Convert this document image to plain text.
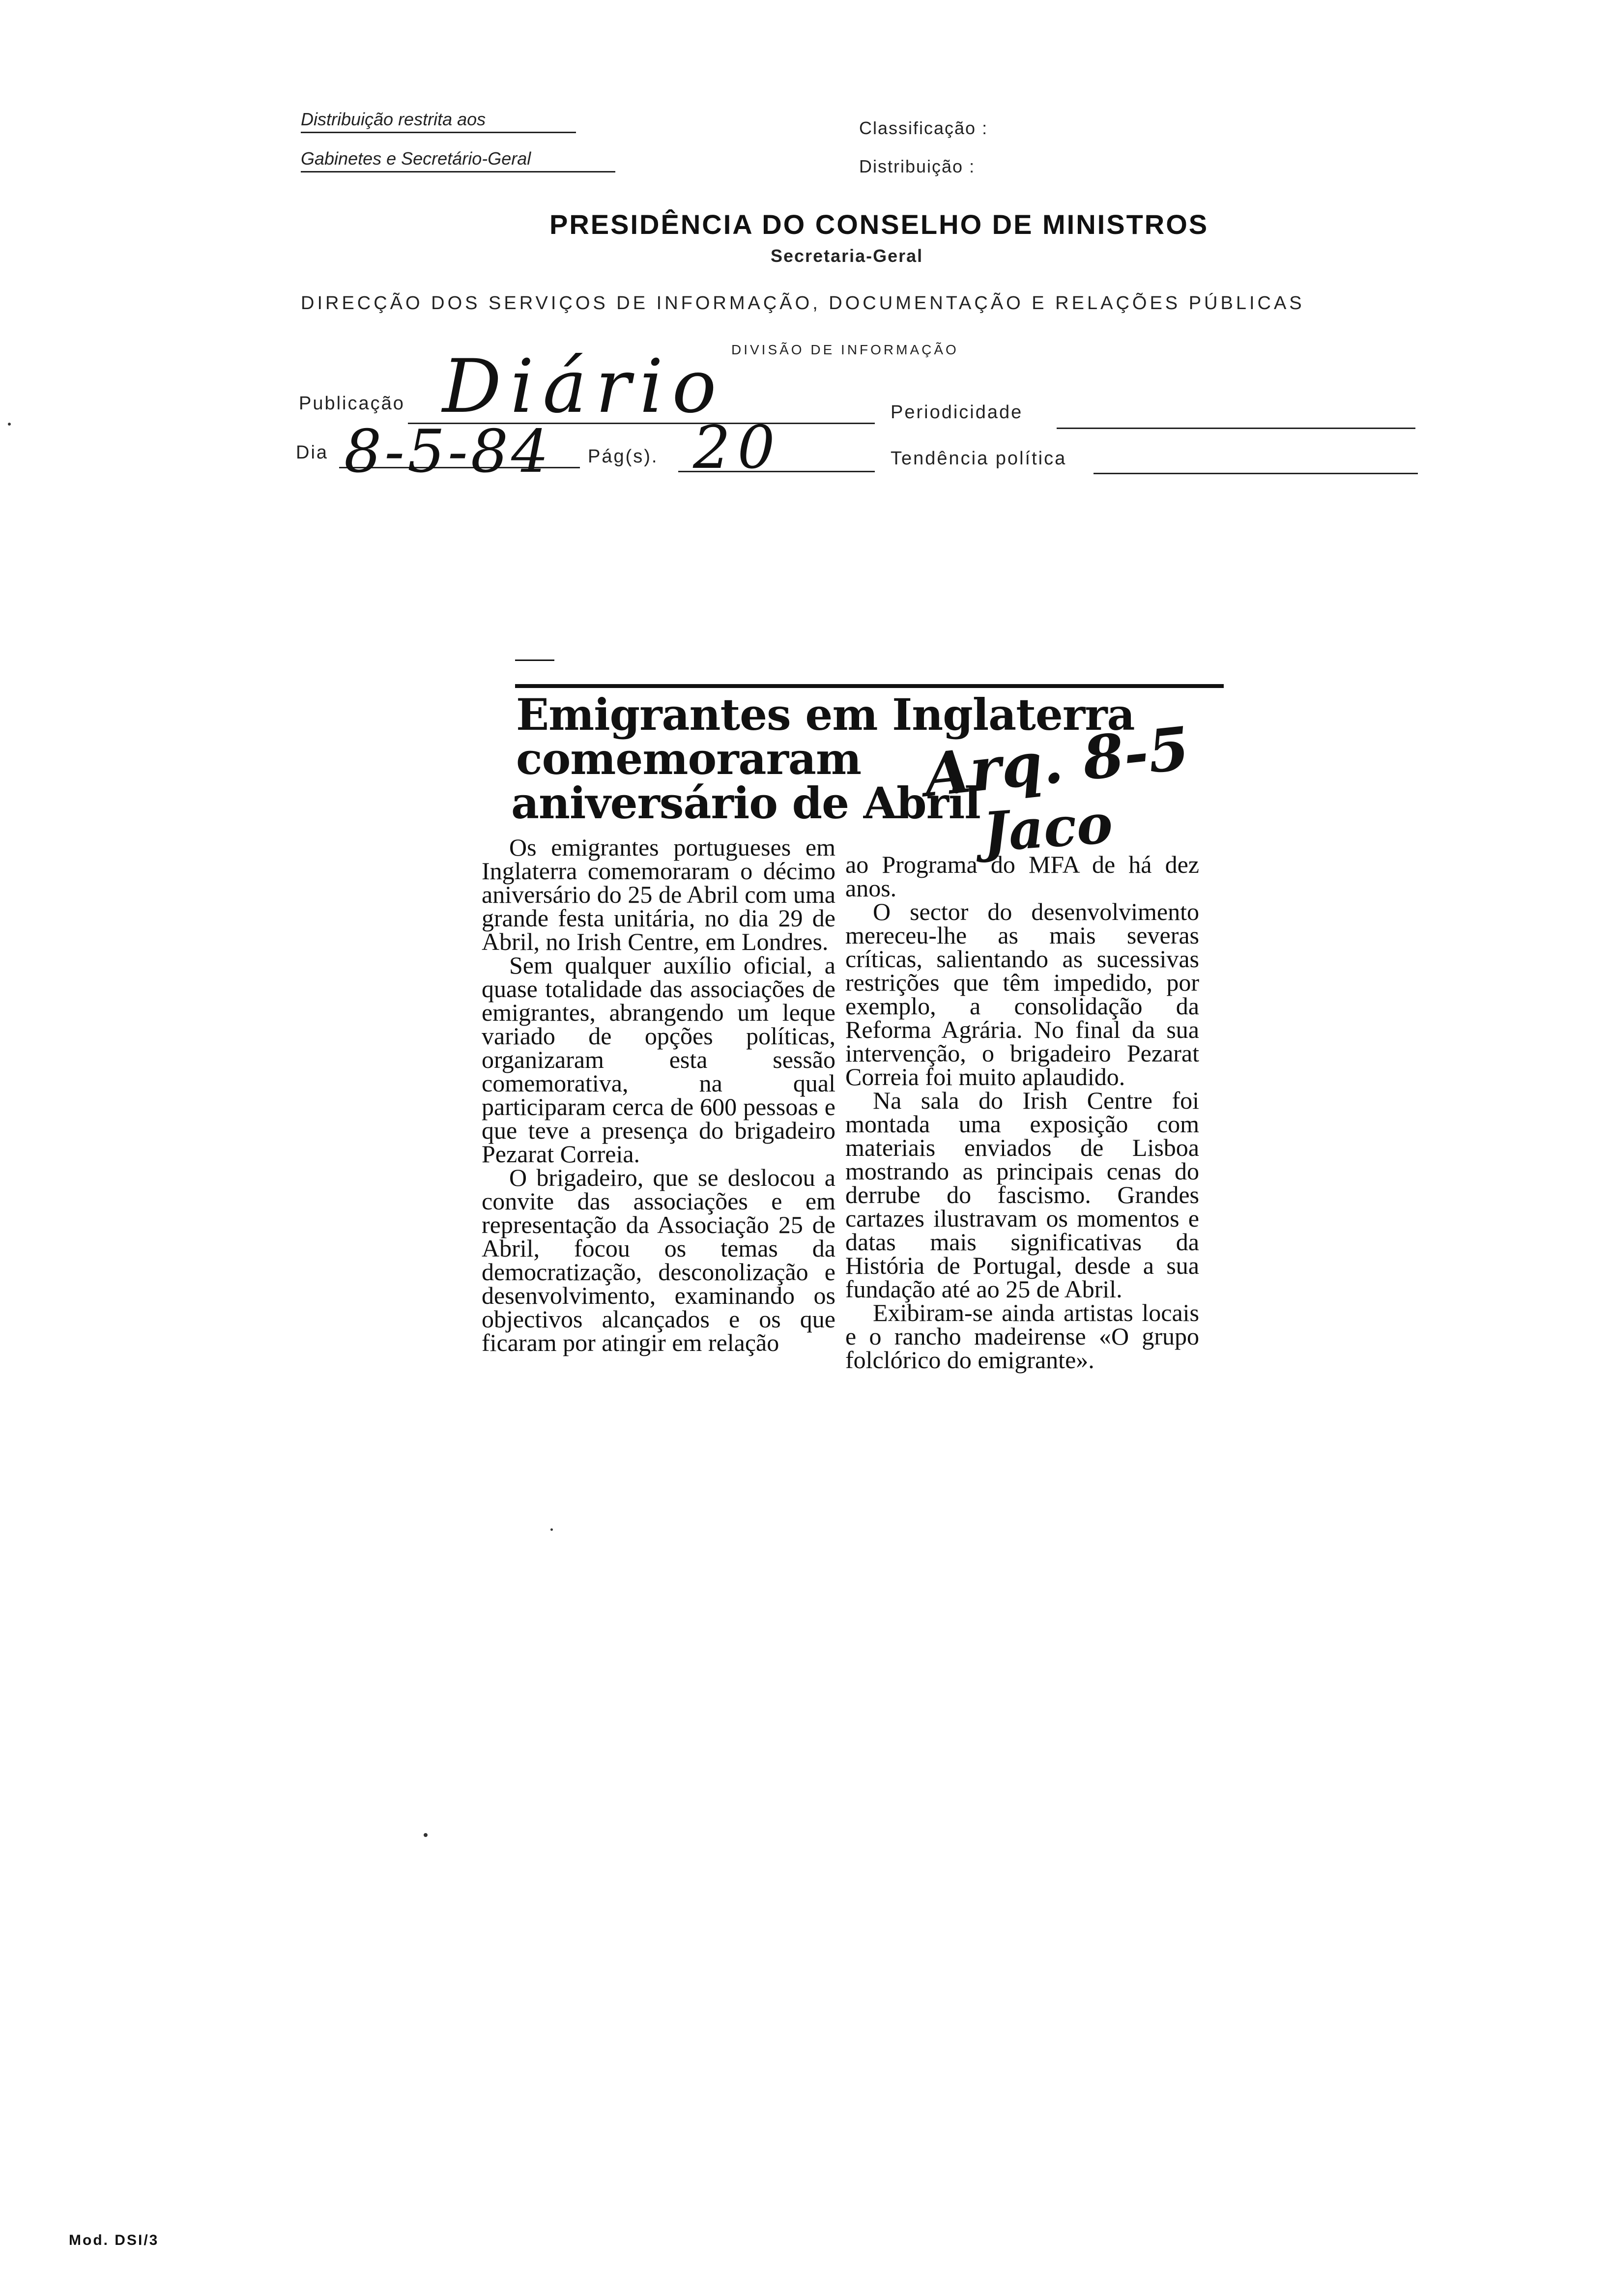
Distribuição restrita aos
Gabinetes e Secretário-Geral
Classificação :
Distribuição :
PRESIDÊNCIA DO CONSELHO DE MINISTROS
Secretaria-Geral
DIRECÇÃO DOS SERVIÇOS DE INFORMAÇÃO, DOCUMENTAÇÃO E RELAÇÕES PÚBLICAS
DIVISÃO DE INFORMAÇÃO
Publicação Diário	Periodicidade
Dia 8-5-84 Pág(s). 20	Tendência política
Emigrantes em Inglaterra
comemoraram
aniversário de Abril
Arq. 8-5
Jaco

Os emigrantes portugueses em Inglaterra comemoraram o décimo aniversário do 25 de Abril com uma grande festa unitária, no dia 29 de Abril, no Irish Centre, em Londres.

Sem qualquer auxílio oficial, a quase totalidade das associações de emigrantes, abrangendo um leque variado de opções políticas, organizaram esta sessão comemorativa, na qual participaram cerca de 600 pessoas e que teve a presença do brigadeiro Pezarat Correia.

O brigadeiro, que se deslocou a convite das associações e em representação da Associação 25 de Abril, focou os temas da democratização, desconolização e desenvolvimento, examinando os objectivos alcançados e os que ficaram por atingir em relação

ao Programa do MFA de há dez anos.

O sector do desenvolvimento mereceu-lhe as mais severas críticas, salientando as sucessivas restrições que têm impedido, por exemplo, a consolidação da Reforma Agrária. No final da sua intervenção, o brigadeiro Pezarat Correia foi muito aplaudido.

Na sala do Irish Centre foi montada uma exposição com materiais enviados de Lisboa mostrando as principais cenas do derrube do fascismo. Grandes cartazes ilustravam os momentos e datas mais significativas da História de Portugal, desde a sua fundação até ao 25 de Abril.

Exibiram-se ainda artistas locais e o rancho madeirense «O grupo folclórico do emigrante».

Mod. DSI/3
